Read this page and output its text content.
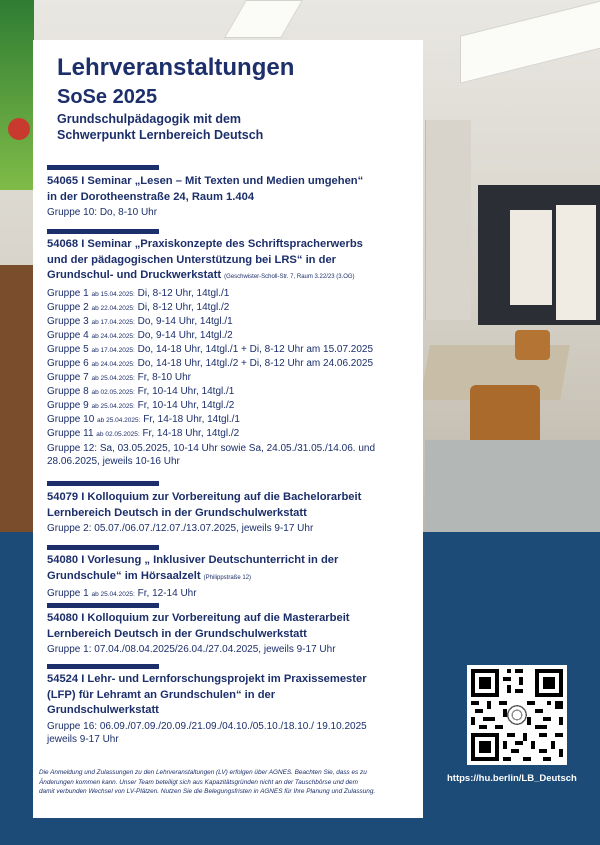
Lehrveranstaltungen
SoSe 2025
Grundschulpädagogik mit dem
Schwerpunkt Lernbereich Deutsch
54065 I Seminar „Lesen – Mit Texten und Medien umgehen“
in der Dorotheenstraße 24, Raum 1.404
Gruppe 10: Do, 8-10 Uhr
54068 I Seminar „Praxiskonzepte des Schriftspracherwerbs
und der pädagogischen Unterstützung bei LRS“ in der
Grundschul- und Druckwerkstatt (Geschwister-Scholl-Str. 7, Raum 3.22/23 (3.OG)
Gruppe 1 ab 15.04.2025: Di, 8-12 Uhr, 14tgl./1
Gruppe 2 ab 22.04.2025: Di, 8-12 Uhr, 14tgl./2
Gruppe 3 ab 17.04.2025: Do, 9-14 Uhr, 14tgl./1
Gruppe 4 ab 24.04.2025: Do, 9-14 Uhr, 14tgl./2
Gruppe 5 ab 17.04.2025: Do, 14-18 Uhr, 14tgl./1 + Di, 8-12 Uhr am 15.07.2025
Gruppe 6 ab 24.04.2025: Do, 14-18 Uhr, 14tgl./2 + Di, 8-12 Uhr am 24.06.2025
Gruppe 7 ab 25.04.2025: Fr, 8-10 Uhr
Gruppe 8 ab 02.05.2025: Fr, 10-14 Uhr, 14tgl./1
Gruppe 9 ab 25.04.2025: Fr, 10-14 Uhr, 14tgl./2
Gruppe 10 ab 25.04.2025: Fr, 14-18 Uhr, 14tgl./1
Gruppe 11 ab 02.05.2025: Fr, 14-18 Uhr, 14tgl./2
Gruppe 12: Sa, 03.05.2025, 10-14 Uhr sowie Sa, 24.05./31.05./14.06. und
28.06.2025, jeweils 10-16 Uhr
54079 I Kolloquium zur Vorbereitung auf die Bachelorarbeit
Lernbereich Deutsch in der Grundschulwerkstatt
Gruppe 2: 05.07./06.07./12.07./13.07.2025, jeweils 9-17 Uhr
54080 I Vorlesung „ Inklusiver Deutschunterricht in der
Grundschule“ im Hörsaalzelt (Philippstraße 12)
Gruppe 1 ab 25.04.2025: Fr, 12-14 Uhr
54080 I Kolloquium zur Vorbereitung auf die Masterarbeit
Lernbereich Deutsch in der Grundschulwerkstatt
Gruppe 1: 07.04./08.04.2025/26.04./27.04.2025, jeweils 9-17 Uhr
54524 I Lehr- und Lernforschungsprojekt im Praxissemester
(LFP) für Lehramt an Grundschulen“ in der
Grundschulwerkstatt
Gruppe 16: 06.09./07.09./20.09./21.09./04.10./05.10./18.10./ 19.10.2025
jeweils 9-17 Uhr
Die Anmeldung und Zulassungen zu den Lehrveranstaltungen (LV) erfolgen über AGNES. Beachten Sie, dass es zu
Änderungen kommen kann. Unser Team beteiligt sich aus Kapazitätsgründen nicht an der Tauschbörse und dem
damit verbunden Wechsel von LV-Plätzen. Nutzen Sie die Belegungsfristen in AGNES für Ihre Planung und Zulassung.
https://hu.berlin/LB_Deutsch
